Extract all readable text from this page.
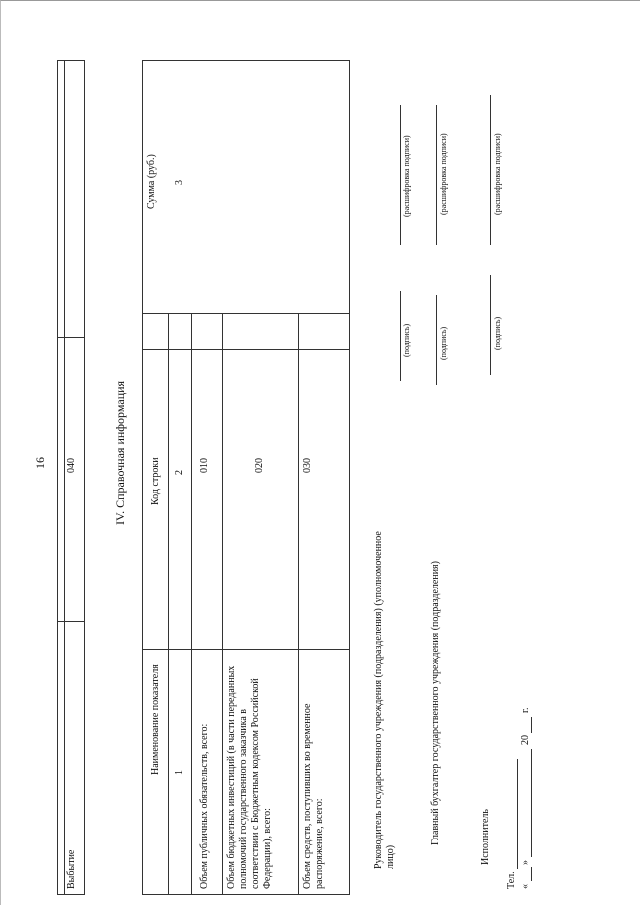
16
Выбытие
040	IV. Справочная информация
Наименование показателя
Код строки
Сумма (руб.)
1
2
3
Объем публичных обязательств, всего:
010
Объем бюджетных инвестиций (в части переданных полномочий государственного заказчика в соответствии с Бюджетным кодексом Российской Федерации), всего:
020
Объем средств, поступивших во временное распоряжение, всего:
030
Руководитель государственного учреждения (подразделения) (уполномоченное лицо)
(подпись)
(расшифровка подписи)
Главный бухгалтер государственного учреждения (подразделения)
(подпись)
(расшифровка подписи)
Исполнитель
(подпись)
(расшифровка подписи)
Тел. «
»
20
г.
